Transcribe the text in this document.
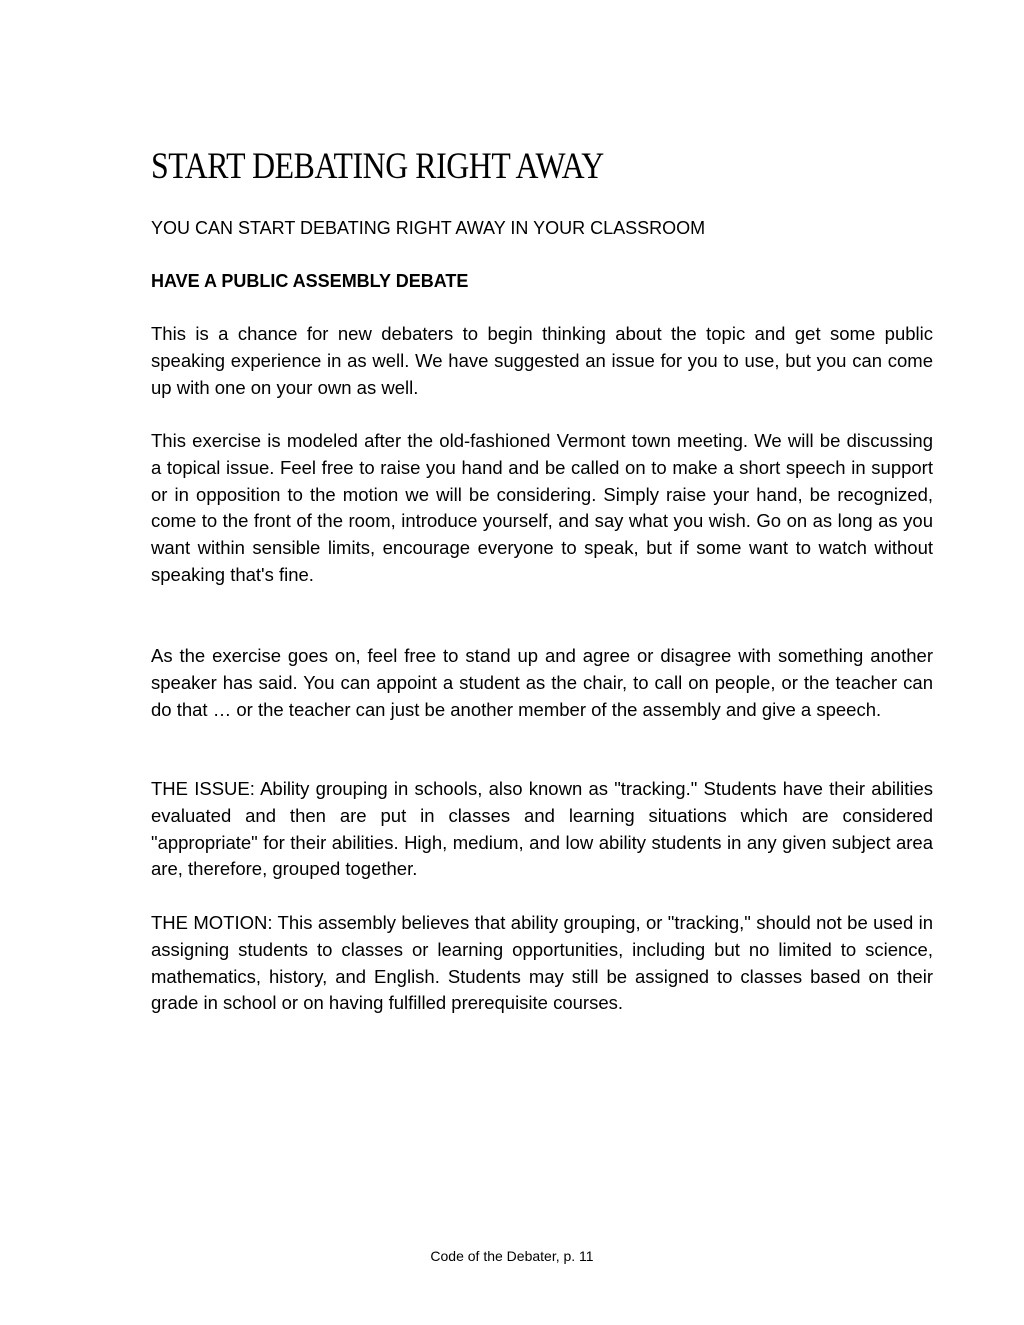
START DEBATING RIGHT AWAY

YOU CAN START DEBATING RIGHT AWAY IN YOUR CLASSROOM

HAVE A PUBLIC ASSEMBLY DEBATE

This is a chance for new debaters to begin thinking about the topic and get some public speaking experience in as well. We have suggested an issue for you to use, but you can come up with one on your own as well.

This exercise is modeled after the old-fashioned Vermont town meeting. We will be discussing a topical issue. Feel free to raise you hand and be called on to make a short speech in support or in opposition to the motion we will be considering. Simply raise your hand, be recognized, come to the front of the room, introduce yourself, and say what you wish. Go on as long as you want within sensible limits, encourage everyone to speak, but if some want to watch without speaking that's fine.

As the exercise goes on, feel free to stand up and agree or disagree with something another speaker has said. You can appoint a student as the chair, to call on people, or the teacher can do that … or the teacher can just be another member of the assembly and give a speech.

THE ISSUE: Ability grouping in schools, also known as "tracking." Students have their abilities evaluated and then are put in classes and learning situations which are considered "appropriate" for their abilities. High, medium, and low ability students in any given subject area are, therefore, grouped together.

THE MOTION: This assembly believes that ability grouping, or "tracking," should not be used in assigning students to classes or learning opportunities, including but no limited to science, mathematics, history, and English. Students may still be assigned to classes based on their grade in school or on having fulfilled prerequisite courses.

Code of the Debater, p. 11
